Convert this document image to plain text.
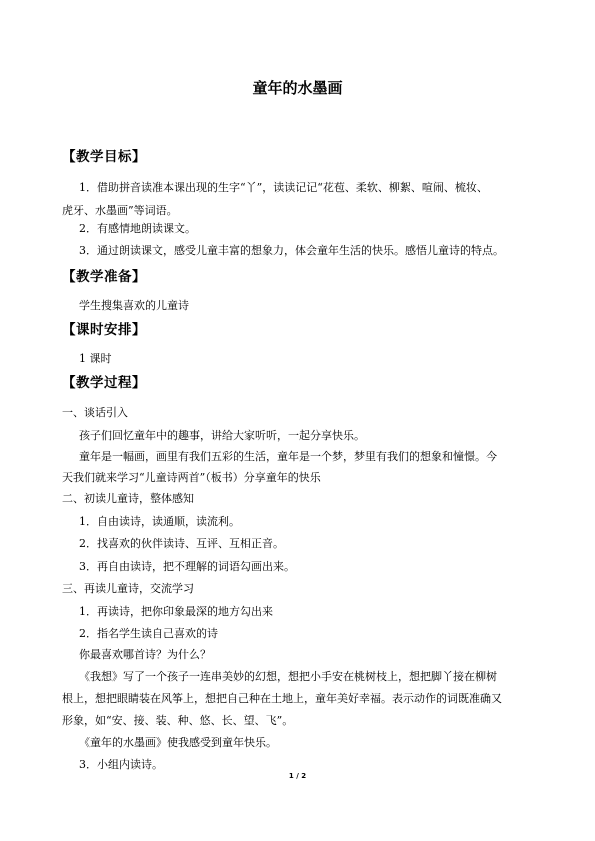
童年的水墨画
【教学目标】
1．借助拼音读准本课出现的生字“丫”，读读记记“花苞、柔软、柳絮、喧闹、梳妆、
虎牙、水墨画”等词语。
2．有感情地朗读课文。
3．通过朗读课文，感受儿童丰富的想象力，体会童年生活的快乐。感悟儿童诗的特点。
【教学准备】
学生搜集喜欢的儿童诗
【课时安排】
1 课时
【教学过程】
一、谈话引入
孩子们回忆童年中的趣事，讲给大家听听，一起分享快乐。
童年是一幅画，画里有我们五彩的生活，童年是一个梦，梦里有我们的想象和憧憬。今
天我们就来学习“儿童诗两首”（板书）分享童年的快乐
二、初读儿童诗，整体感知
1．自由读诗，读通顺，读流利。
2．找喜欢的伙伴读诗、互评、互相正音。
3．再自由读诗，把不理解的词语勾画出来。
三、再读儿童诗，交流学习
1．再读诗，把你印象最深的地方勾出来
2．指名学生读自己喜欢的诗
你最喜欢哪首诗？为什么？
《我想》写了一个孩子一连串美妙的幻想，想把小手安在桃树枝上，想把脚丫接在柳树
根上，想把眼睛装在风筝上，想把自己种在土地上，童年美好幸福。表示动作的词既准确又
形象，如“安、接、装、种、悠、长、望、飞”。
《童年的水墨画》使我感受到童年快乐。
3．小组内读诗。
1 / 2
